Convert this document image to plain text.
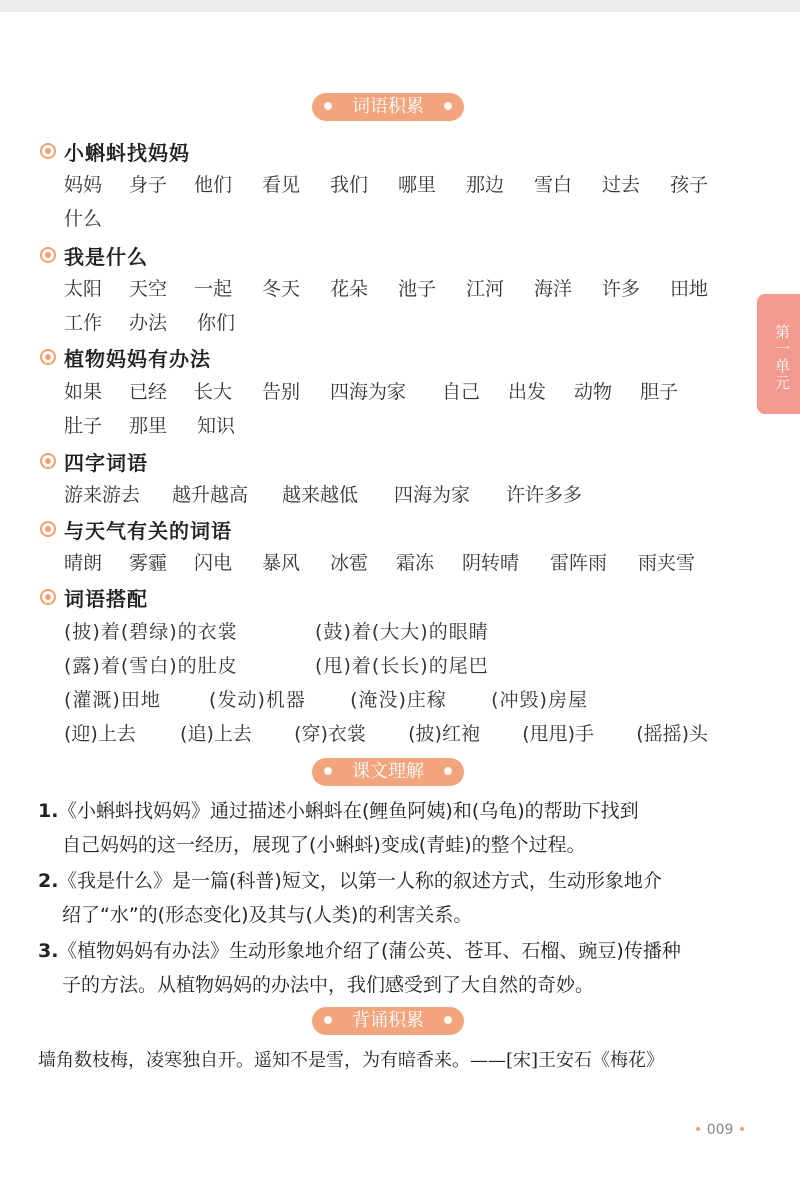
词语积累
小蝌蚪找妈妈
妈妈	身子	他们	看见	我们	哪里	那边	雪白	过去	孩子
什么
我是什么
太阳	天空	一起	冬天	花朵	池子	江河	海洋	许多	田地
工作	办法	你们
植物妈妈有办法
如果	已经	长大	告别	四海为家	自己	出发	动物	胆子
肚子	那里	知识
四字词语
游来游去	越升越高	越来越低	四海为家	许许多多
与天气有关的词语
晴朗	雾霾	闪电	暴风	冰雹	霜冻	阴转晴	雷阵雨	雨夹雪
词语搭配
(披)着(碧绿)的衣裳	(鼓)着(大大)的眼睛
(露)着(雪白)的肚皮	(甩)着(长长)的尾巴
(灌溉)田地	(发动)机器 (淹没)庄稼 (冲毁)房屋
(迎)上去 (追)上去 (穿)衣裳 (披)红袍 (甩甩)手 (摇摇)头
课文理解
1.《小蝌蚪找妈妈》通过描述小蝌蚪在(鲤鱼阿姨)和(乌龟)的帮助下找到
自己妈妈的这一经历，展现了(小蝌蚪)变成(青蛙)的整个过程。
2.《我是什么》是一篇(科普)短文，以第一人称的叙述方式，生动形象地介
绍了“水”的(形态变化)及其与(人类)的利害关系。
3.《植物妈妈有办法》生动形象地介绍了(蒲公英、苍耳、石榴、豌豆)传播种
子的方法。从植物妈妈的办法中，我们感受到了大自然的奇妙。
背诵积累
墙角数枝梅，凌寒独自开。遥知不是雪，为有暗香来。——[宋]王安石《梅花》
第一单元
• 009 •
